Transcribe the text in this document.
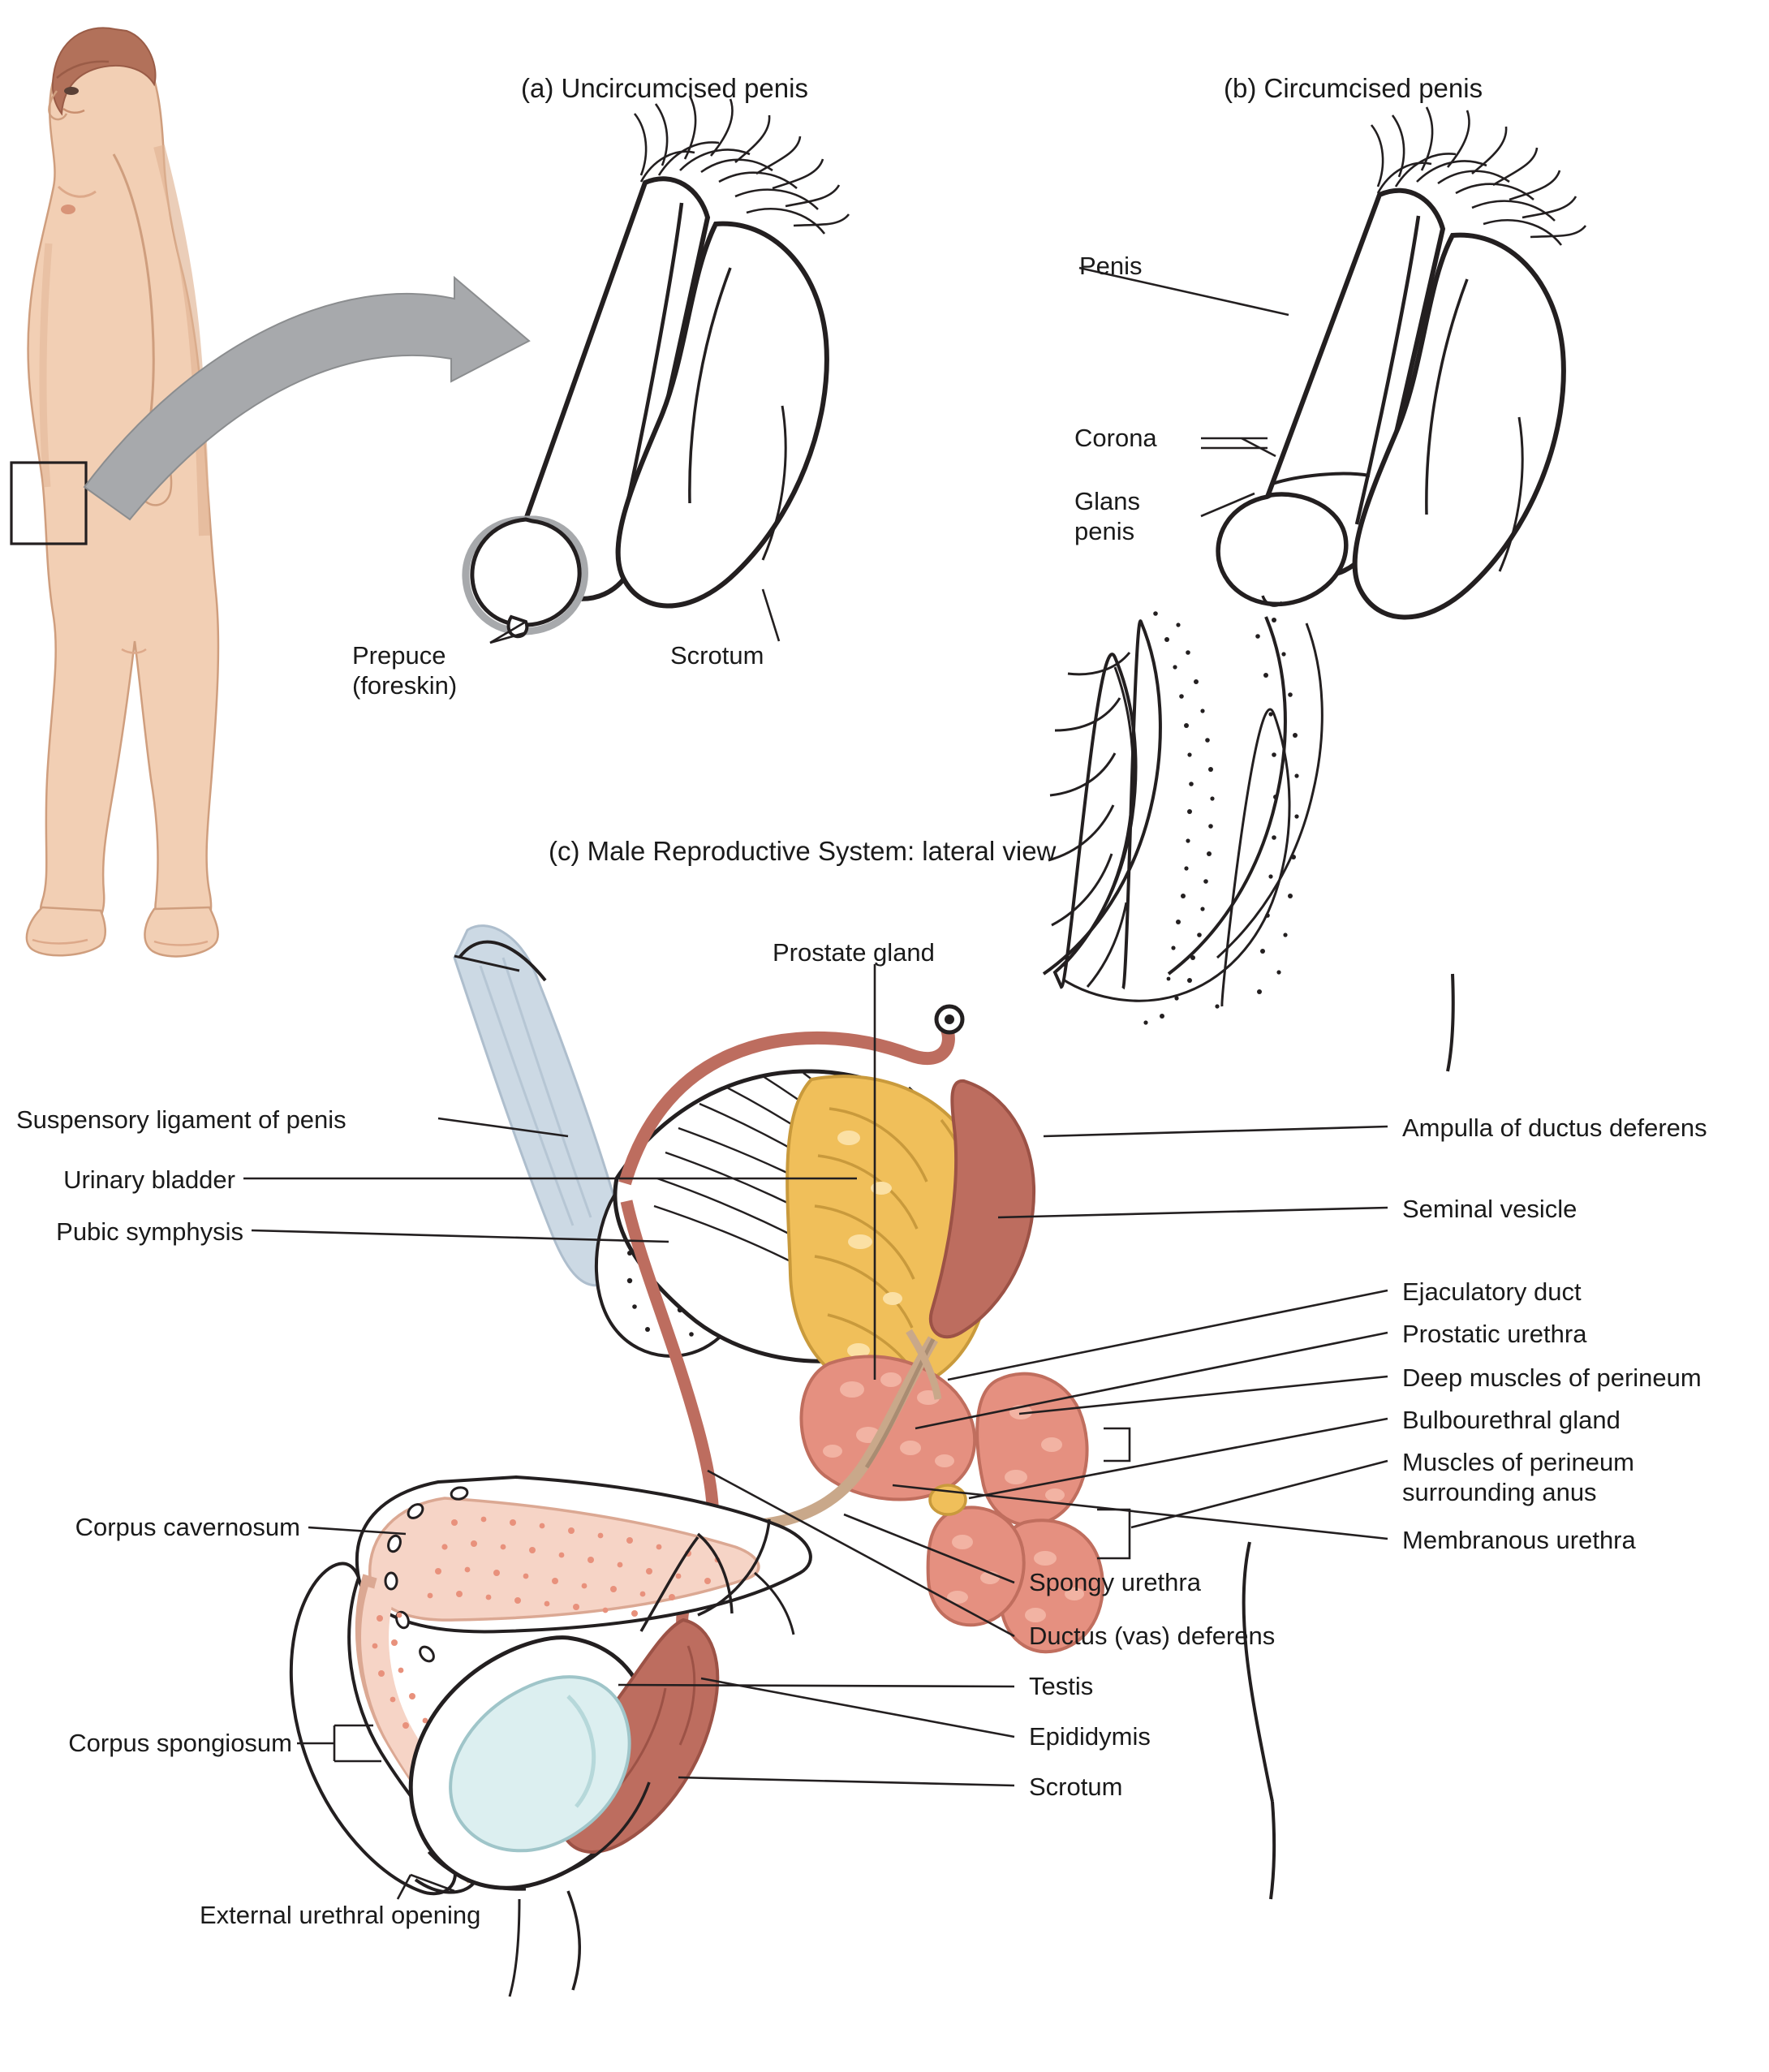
(a) Uncircumcised penis	(b) Circumcised penis
(c) Male Reproductive System: lateral view
Prepuce
(foreskin)
Scrotum
Penis
Corona
Glans
penis
Prostate gland
Suspensory ligament of penis
Urinary bladder
Pubic symphysis
Corpus cavernosum
Corpus spongiosum
External urethral opening
Ampulla of ductus deferens
Seminal vesicle
Ejaculatory duct
Prostatic urethra
Deep muscles of perineum
Bulbourethral gland
Muscles of perineum
surrounding anus
Membranous urethra
Spongy urethra
Ductus (vas) deferens
Testis
Epididymis
Scrotum
